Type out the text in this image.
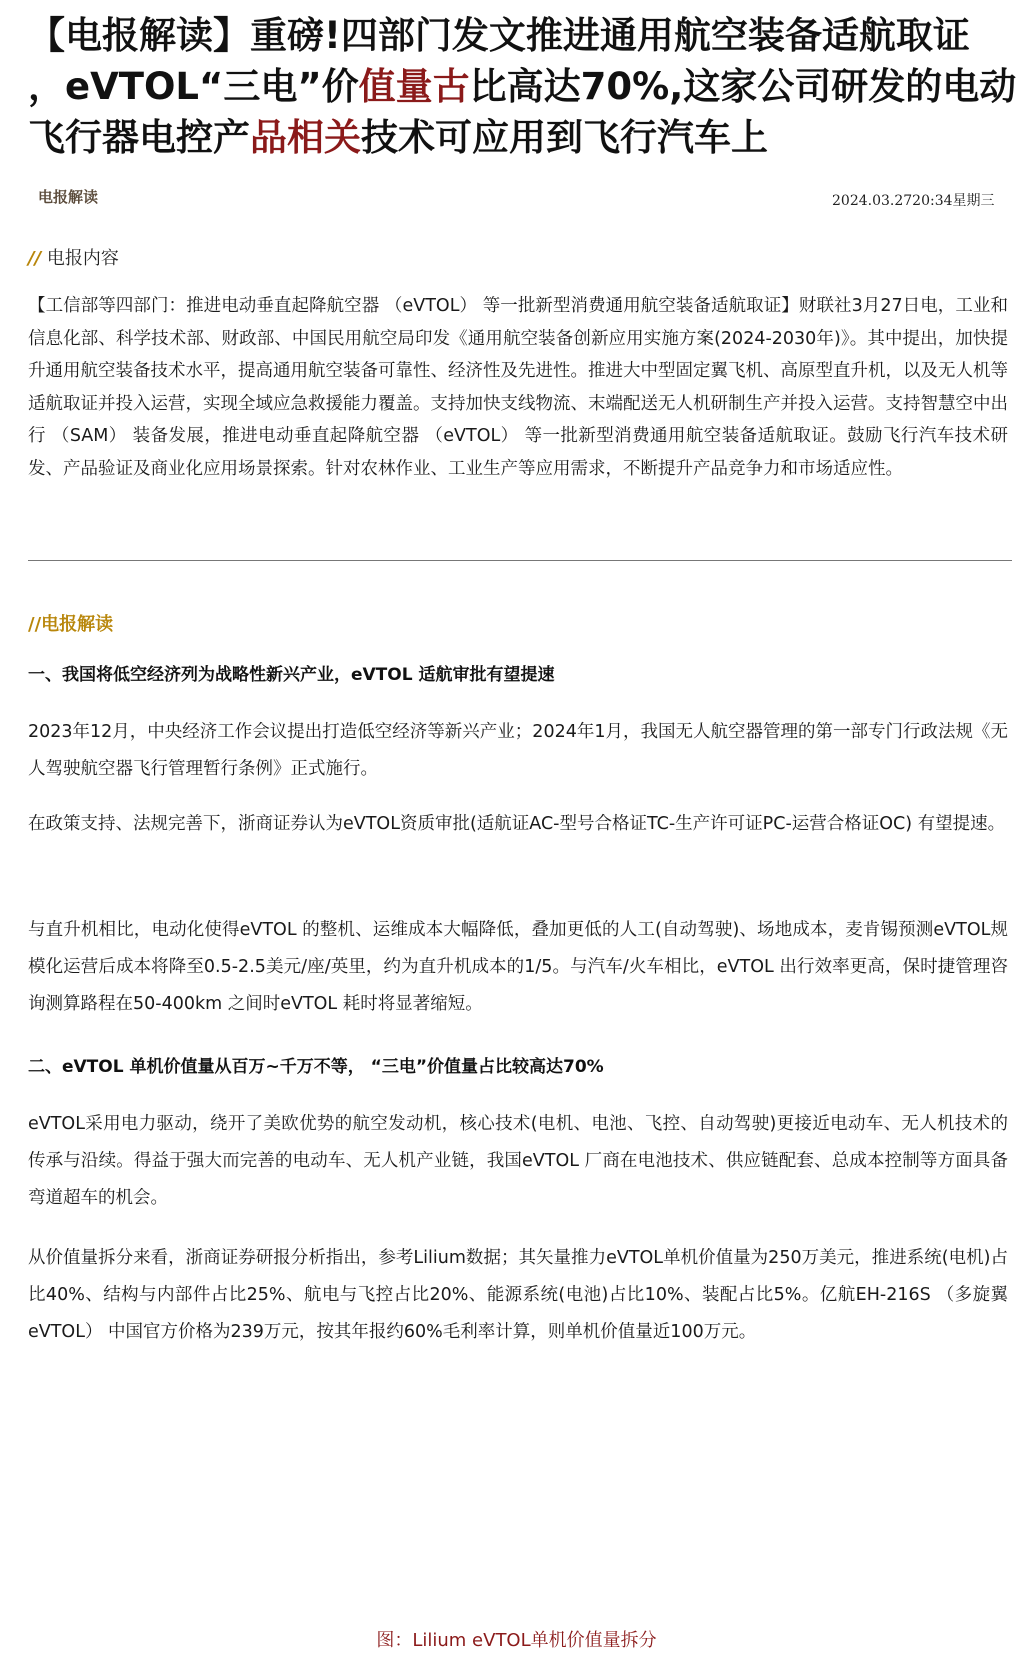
【电报解读】重磅!四部门发文推进通用航空装备适航取证 ，eVTOL“三电”价值量古比高达70%,这家公司研发的电动飞行器电控产品相关技术可应用到飞行汽车上
电报解读	2024.03.2720:34星期三
// 电报内容

【工信部等四部门：推进电动垂直起降航空器 （eVTOL） 等一批新型消费通用航空装备适航取证】财联社3月27日电，工业和信息化部、科学技术部、财政部、中国民用航空局印发《通用航空装备创新应用实施方案(2024-2030年)》。其中提出，加快提升通用航空装备技术水平，提高通用航空装备可靠性、经济性及先进性。推进大中型固定翼飞机、高原型直升机，以及无人机等适航取证并投入运营，实现全域应急救援能力覆盖。支持加快支线物流、末端配送无人机研制生产并投入运营。支持智慧空中出行 （SAM） 装备发展，推进电动垂直起降航空器 （eVTOL） 等一批新型消费通用航空装备适航取证。鼓励飞行汽车技术研发、产品验证及商业化应用场景探索。针对农林作业、工业生产等应用需求，不断提升产品竞争力和市场适应性。

//电报解读
一、我国将低空经济列为战略性新兴产业，eVTOL 适航审批有望提速

2023年12月，中央经济工作会议提出打造低空经济等新兴产业；2024年1月，我国无人航空器管理的第一部专门行政法规《无人驾驶航空器飞行管理暂行条例》正式施行。

在政策支持、法规完善下，浙商证券认为eVTOL资质审批(适航证AC-型号合格证TC-生产许可证PC-运营合格证OC) 有望提速。

与直升机相比，电动化使得eVTOL 的整机、运维成本大幅降低，叠加更低的人工(自动驾驶)、场地成本，麦肯锡预测eVTOL规模化运营后成本将降至0.5-2.5美元/座/英里，约为直升机成本的1/5。与汽车/火车相比，eVTOL 出行效率更高，保时捷管理咨询测算路程在50-400km 之间时eVTOL 耗时将显著缩短。

二、eVTOL 单机价值量从百万~千万不等， “三电”价值量占比较高达70%

eVTOL采用电力驱动，绕开了美欧优势的航空发动机，核心技术(电机、电池、飞控、自动驾驶)更接近电动车、无人机技术的传承与沿续。得益于强大而完善的电动车、无人机产业链，我国eVTOL 厂商在电池技术、供应链配套、总成本控制等方面具备弯道超车的机会。

从价值量拆分来看，浙商证券研报分析指出，参考Lilium数据；其矢量推力eVTOL单机价值量为250万美元，推进系统(电机)占比40%、结构与内部件占比25%、航电与飞控占比20%、能源系统(电池)占比10%、装配占比5%。亿航EH-216S （多旋翼eVTOL） 中国官方价格为239万元，按其年报约60%毛利率计算，则单机价值量近100万元。

图：Lilium eVTOL单机价值量拆分
